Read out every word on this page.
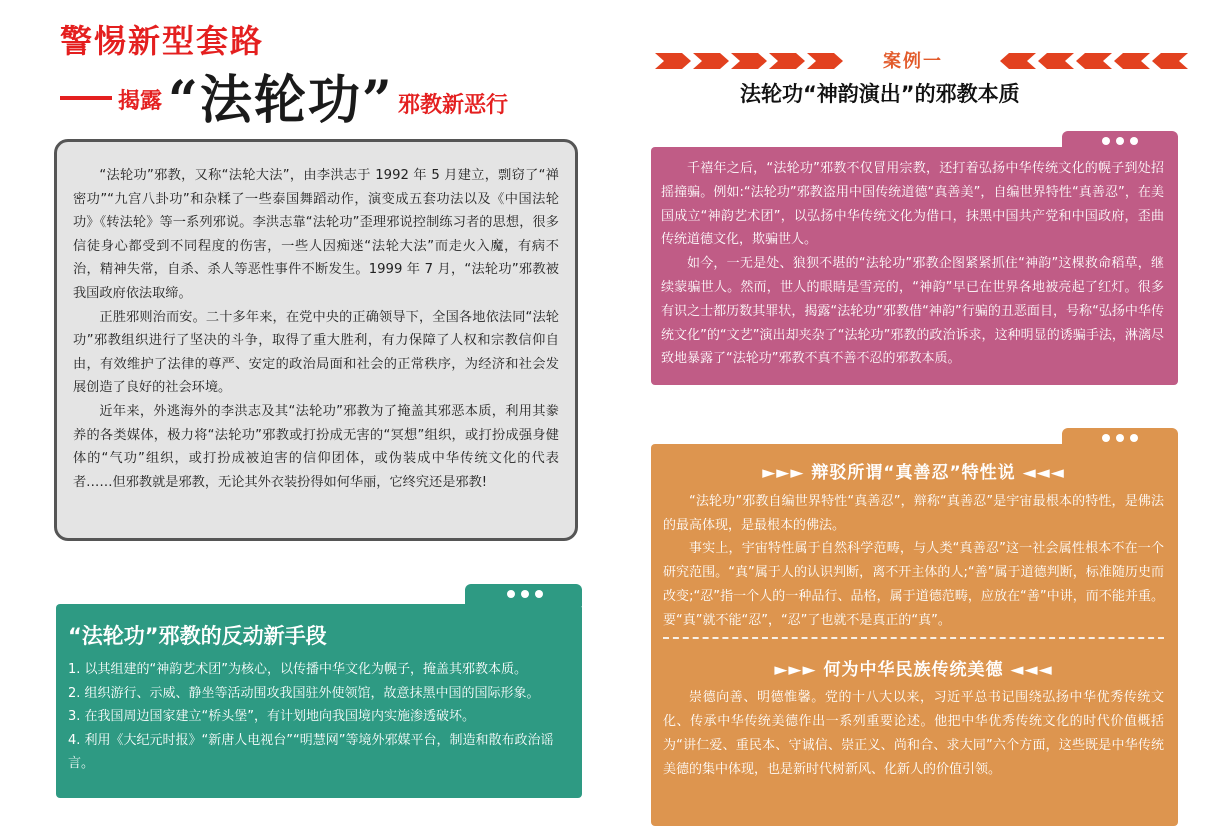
警惕新型套路
揭露 “法轮功” 邪教新恶行

“法轮功”邪教，又称“法轮大法”，由李洪志于 1992 年 5 月建立，剽窃了“禅密功”“九宫八卦功”和杂糅了一些泰国舞蹈动作，演变成五套功法以及《中国法轮功》《转法轮》等一系列邪说。李洪志靠“法轮功”歪理邪说控制练习者的思想，很多信徒身心都受到不同程度的伤害，一些人因痴迷“法轮大法”而走火入魔，有病不治，精神失常，自杀、杀人等恶性事件不断发生。1999 年 7 月，“法轮功”邪教被我国政府依法取缔。

正胜邪则治而安。二十多年来，在党中央的正确领导下，全国各地依法同“法轮功”邪教组织进行了坚决的斗争，取得了重大胜利，有力保障了人权和宗教信仰自由，有效维护了法律的尊严、安定的政治局面和社会的正常秩序，为经济和社会发展创造了良好的社会环境。

近年来，外逃海外的李洪志及其“法轮功”邪教为了掩盖其邪恶本质，利用其豢养的各类媒体，极力将“法轮功”邪教或打扮成无害的“冥想”组织，或打扮成强身健体的“气功”组织，或打扮成被迫害的信仰团体，或伪装成中华传统文化的代表者……但邪教就是邪教，无论其外衣装扮得如何华丽，它终究还是邪教!

“法轮功”邪教的反动新手段
1. 以其组建的“神韵艺术团”为核心，以传播中华文化为幌子，掩盖其邪教本质。
2. 组织游行、示威、静坐等活动围攻我国驻外使领馆，故意抹黑中国的国际形象。
3. 在我国周边国家建立“桥头堡”，有计划地向我国境内实施渗透破坏。
4. 利用《大纪元时报》“新唐人电视台”“明慧网”等境外邪媒平台，制造和散布政治谣言。
案例一
法轮功“神韵演出”的邪教本质

千禧年之后，“法轮功”邪教不仅冒用宗教，还打着弘扬中华传统文化的幌子到处招摇撞骗。例如:“法轮功”邪教盗用中国传统道德“真善美”，自编世界特性“真善忍”，在美国成立“神韵艺术团”，以弘扬中华传统文化为借口，抹黑中国共产党和中国政府，歪曲传统道德文化，欺骗世人。

如今，一无是处、狼狈不堪的“法轮功”邪教企图紧紧抓住“神韵”这棵救命稻草，继续蒙骗世人。然而，世人的眼睛是雪亮的，“神韵”早已在世界各地被亮起了红灯。很多有识之士都历数其罪状，揭露“法轮功”邪教借“神韵”行骗的丑恶面目，号称“弘扬中华传统文化”的“文艺”演出却夹杂了“法轮功”邪教的政治诉求，这种明显的诱骗手法，淋漓尽致地暴露了“法轮功”邪教不真不善不忍的邪教本质。

►►► 辩驳所谓“真善忍”特性说 ◄◄◄

“法轮功”邪教自编世界特性“真善忍”，辩称“真善忍”是宇宙最根本的特性，是佛法的最高体现，是最根本的佛法。

事实上，宇宙特性属于自然科学范畴，与人类“真善忍”这一社会属性根本不在一个研究范围。“真”属于人的认识判断，离不开主体的人;“善”属于道德判断，标准随历史而改变;“忍”指一个人的一种品行、品格，属于道德范畴，应放在“善”中讲，而不能并重。要“真”就不能“忍”，“忍”了也就不是真正的“真”。

►►► 何为中华民族传统美德 ◄◄◄

崇德向善、明德惟馨。党的十八大以来，习近平总书记围绕弘扬中华优秀传统文化、传承中华传统美德作出一系列重要论述。他把中华优秀传统文化的时代价值概括为“讲仁爱、重民本、守诚信、崇正义、尚和合、求大同”六个方面，这些既是中华传统美德的集中体现，也是新时代树新风、化新人的价值引领。
